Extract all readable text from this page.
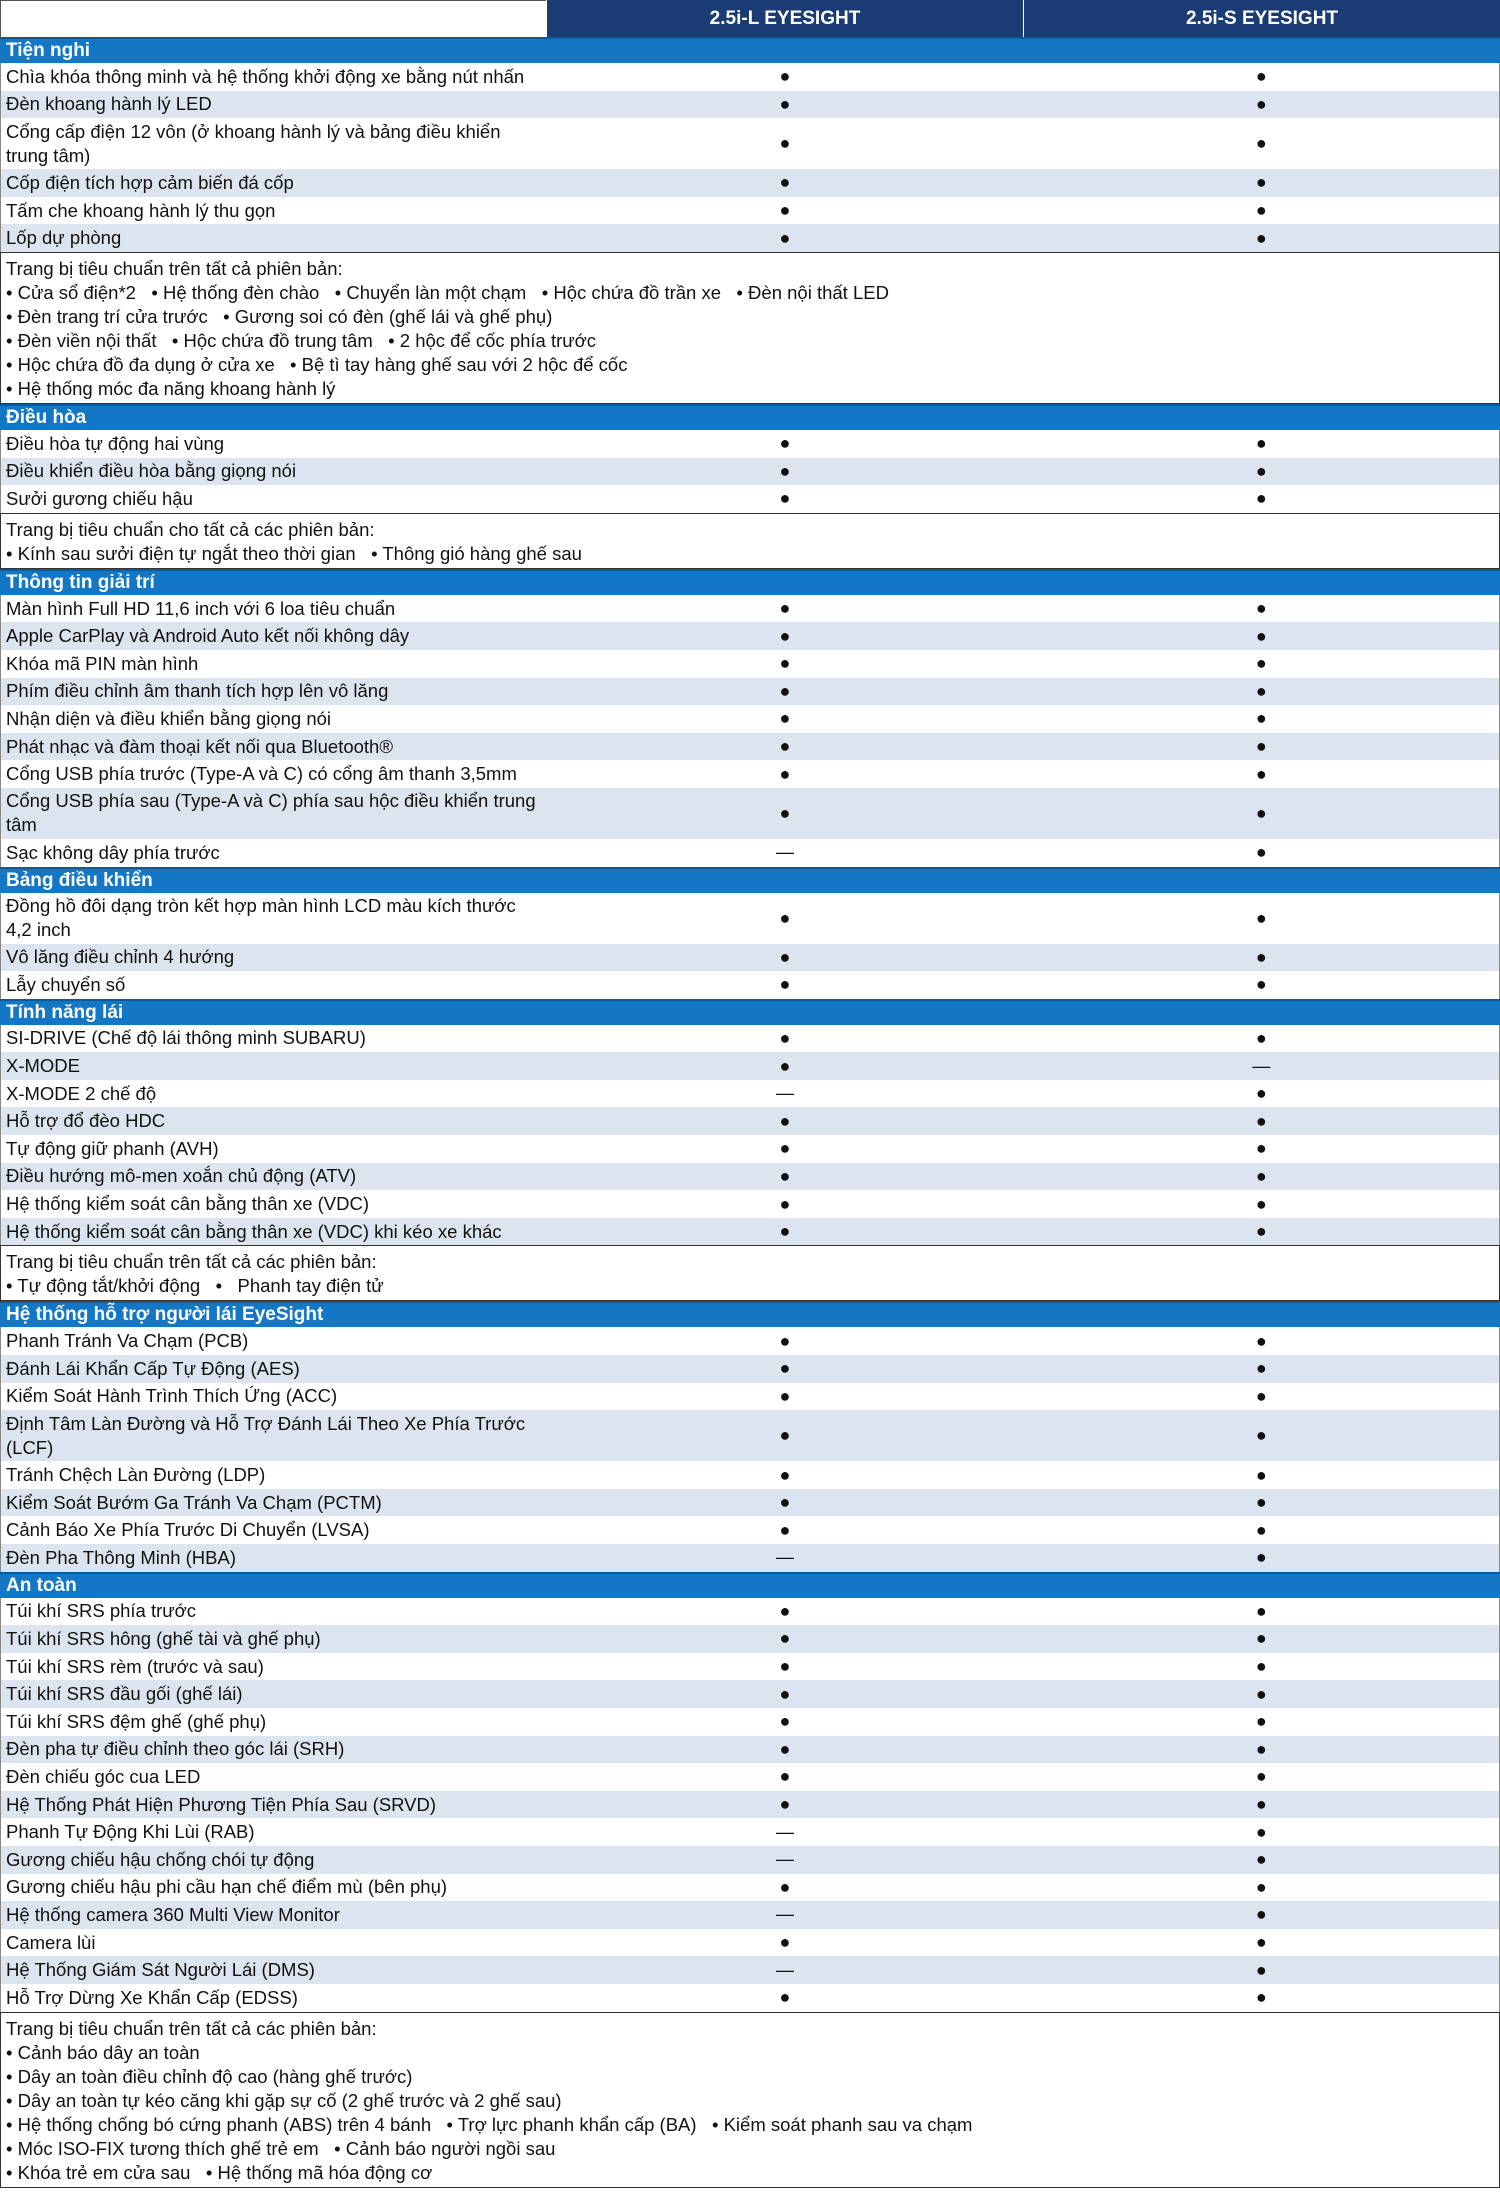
2.5i-L EYESIGHT	2.5i-S EYESIGHT
Tiện nghi
Chìa khóa thông minh và hệ thống khởi động xe bằng nút nhấn	●	●
Đèn khoang hành lý LED	●	●
Cổng cấp điện 12 vôn (ở khoang hành lý và bảng điều khiển trung tâm)
●	●
Cốp điện tích hợp cảm biến đá cốp	●	●
Tấm che khoang hành lý thu gọn	●	●
Lốp dự phòng	●	●
Trang bị tiêu chuẩn trên tất cả phiên bản:
• Cửa sổ điện*2   • Hệ thống đèn chào   • Chuyển làn một chạm   • Hộc chứa đồ trần xe   • Đèn nội thất LED
• Đèn trang trí cửa trước   • Gương soi có đèn (ghế lái và ghế phụ)
• Đèn viền nội thất   • Hộc chứa đồ trung tâm   • 2 hộc để cốc phía trước
• Hộc chứa đồ đa dụng ở cửa xe   • Bệ tì tay hàng ghế sau với 2 hộc để cốc
• Hệ thống móc đa năng khoang hành lý
Điều hòa
Điều hòa tự động hai vùng	●	●
Điều khiển điều hòa bằng giọng nói	●	●
Sưởi gương chiếu hậu	●	●
Trang bị tiêu chuẩn cho tất cả các phiên bản:
• Kính sau sưởi điện tự ngắt theo thời gian   • Thông gió hàng ghế sau
Thông tin giải trí
Màn hình Full HD 11,6 inch với 6 loa tiêu chuẩn	●	●
Apple CarPlay và Android Auto kết nối không dây	●	●
Khóa mã PIN màn hình	●	●
Phím điều chỉnh âm thanh tích hợp lên vô lăng	●	●
Nhận diện và điều khiển bằng giọng nói	●	●
Phát nhạc và đàm thoại kết nối qua Bluetooth®	●	●
Cổng USB phía trước (Type-A và C) có cổng âm thanh 3,5mm	●	●
Cổng USB phía sau (Type-A và C) phía sau hộc điều khiển trung tâm
●	●
Sạc không dây phía trước	—	●
Bảng điều khiển
Đồng hồ đôi dạng tròn kết hợp màn hình LCD màu kích thước 4,2 inch
●	●
Vô lăng điều chỉnh 4 hướng	●	●
Lẫy chuyển số	●	●
Tính năng lái
SI-DRIVE (Chế độ lái thông minh SUBARU)	●	●
X-MODE	●	—
X-MODE 2 chế độ	—	●
Hỗ trợ đổ đèo HDC	●	●
Tự động giữ phanh (AVH)	●	●
Điều hướng mô-men xoắn chủ động (ATV)	●	●
Hệ thống kiểm soát cân bằng thân xe (VDC)	●	●
Hệ thống kiểm soát cân bằng thân xe (VDC) khi kéo xe khác	●	●
Trang bị tiêu chuẩn trên tất cả các phiên bản:
• Tự động tắt/khởi động   •   Phanh tay điện tử
Hệ thống hỗ trợ người lái EyeSight
Phanh Tránh Va Chạm (PCB)	●	●
Đánh Lái Khẩn Cấp Tự Động (AES)	●	●
Kiểm Soát Hành Trình Thích Ứng (ACC)	●	●
Định Tâm Làn Đường và Hỗ Trợ Đánh Lái Theo Xe Phía Trước (LCF)
●	●
Tránh Chệch Làn Đường (LDP)	●	●
Kiểm Soát Bướm Ga Tránh Va Chạm (PCTM)	●	●
Cảnh Báo Xe Phía Trước Di Chuyển (LVSA)	●	●
Đèn Pha Thông Minh (HBA)	—	●
An toàn
Túi khí SRS phía trước	●	●
Túi khí SRS hông (ghế tài và ghế phụ)	●	●
Túi khí SRS rèm (trước và sau)	●	●
Túi khí SRS đầu gối (ghế lái)	●	●
Túi khí SRS đệm ghế (ghế phụ)	●	●
Đèn pha tự điều chỉnh theo góc lái (SRH)	●	●
Đèn chiếu góc cua LED	●	●
Hệ Thống Phát Hiện Phương Tiện Phía Sau (SRVD)	●	●
Phanh Tự Động Khi Lùi (RAB)	—	●
Gương chiếu hậu chống chói tự động	—	●
Gương chiếu hậu phi cầu hạn chế điểm mù (bên phụ)	●	●
Hệ thống camera 360 Multi View Monitor	—	●
Camera lùi	●	●
Hệ Thống Giám Sát Người Lái (DMS)	—	●
Hỗ Trợ Dừng Xe Khẩn Cấp (EDSS)	●	●
Trang bị tiêu chuẩn trên tất cả các phiên bản:
• Cảnh báo dây an toàn
• Dây an toàn điều chỉnh độ cao (hàng ghế trước)
• Dây an toàn tự kéo căng khi gặp sự cố (2 ghế trước và 2 ghế sau)
• Hệ thống chống bó cứng phanh (ABS) trên 4 bánh   • Trợ lực phanh khẩn cấp (BA)   • Kiểm soát phanh sau va chạm
• Móc ISO-FIX tương thích ghế trẻ em   • Cảnh báo người ngồi sau
• Khóa trẻ em cửa sau   • Hệ thống mã hóa động cơ
